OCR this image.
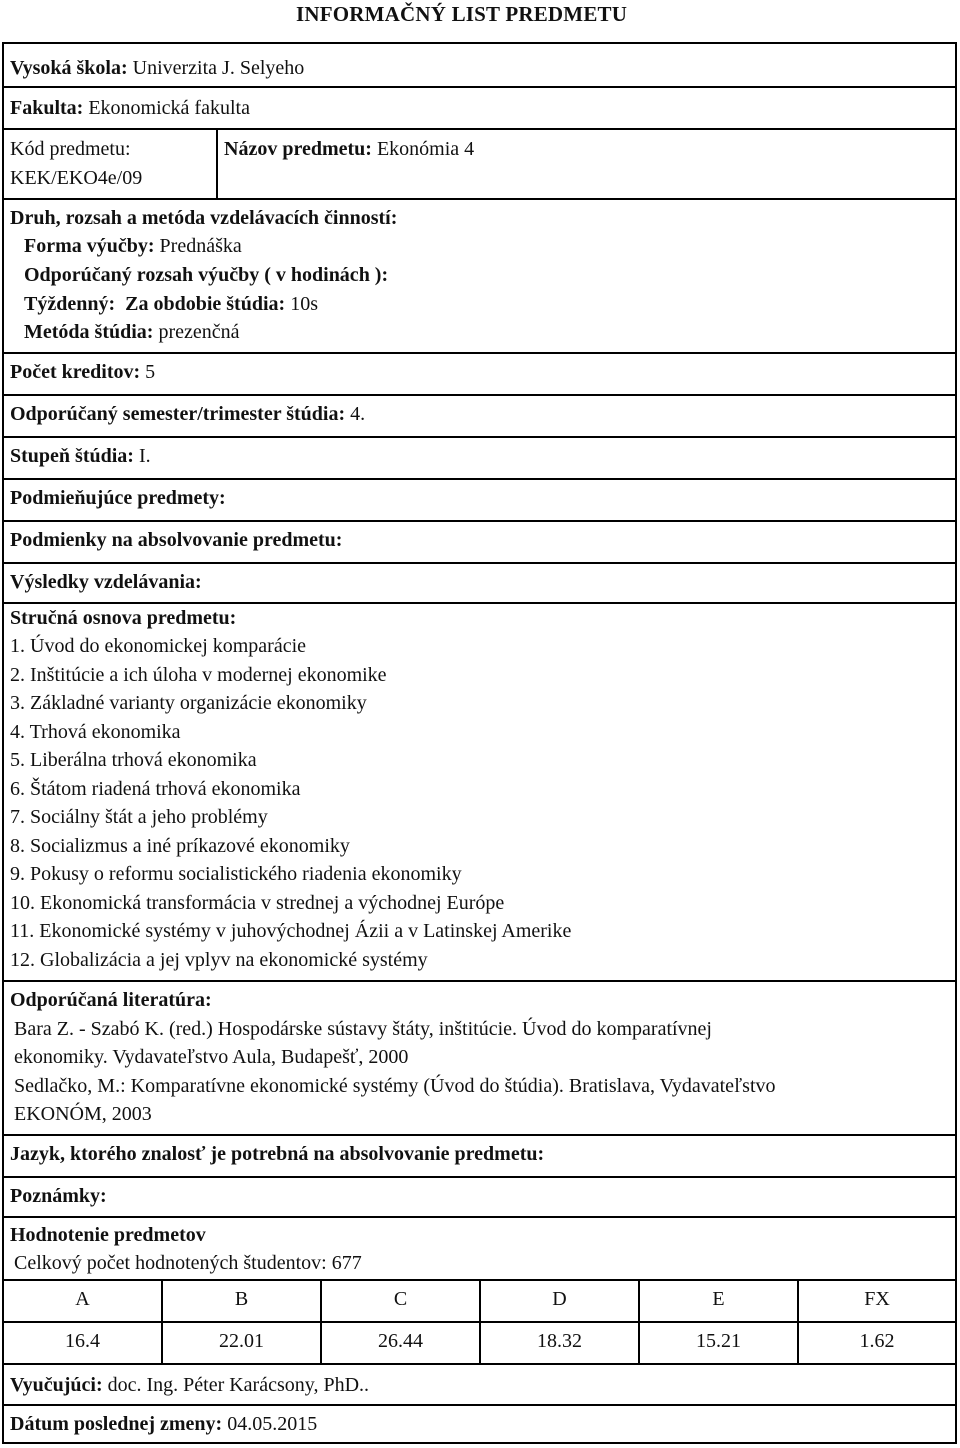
INFORMAČNÝ LIST PREDMETU
Vysoká škola: Univerzita J. Selyeho
Fakulta: Ekonomická fakulta
Kód predmetu:
KEK/EKO4e/09
Názov predmetu: Ekonómia 4
Druh, rozsah a metóda vzdelávacích činností:
Forma výučby: Prednáška
Odporúčaný rozsah výučby ( v hodinách ):
Týždenný: Za obdobie štúdia: 10s
Metóda štúdia: prezenčná
Počet kreditov: 5
Odporúčaný semester/trimester štúdia: 4.
Stupeň štúdia: I.
Podmieňujúce predmety:
Podmienky na absolvovanie predmetu:
Výsledky vzdelávania:
Stručná osnova predmetu:
1. Úvod do ekonomickej komparácie
2. Inštitúcie a ich úloha v modernej ekonomike
3. Základné varianty organizácie ekonomiky
4. Trhová ekonomika
5. Liberálna trhová ekonomika
6. Štátom riadená trhová ekonomika
7. Sociálny štát a jeho problémy
8. Socializmus a iné príkazové ekonomiky
9. Pokusy o reformu socialistického riadenia ekonomiky
10. Ekonomická transformácia v strednej a východnej Európe
11. Ekonomické systémy v juhovýchodnej Ázii a v Latinskej Amerike
12. Globalizácia a jej vplyv na ekonomické systémy
Odporúčaná literatúra:
Bara Z. - Szabó K. (red.) Hospodárske sústavy štáty, inštitúcie. Úvod do komparatívnej
ekonomiky. Vydavateľstvo Aula, Budapešť, 2000
Sedlačko, M.: Komparatívne ekonomické systémy (Úvod do štúdia). Bratislava, Vydavateľstvo
EKONÓM, 2003
Jazyk, ktorého znalosť je potrebná na absolvovanie predmetu:
Poznámky:
Hodnotenie predmetov
Celkový počet hodnotených študentov: 677
A	B	C	D	E	FX
16.4	22.01	26.44	18.32	15.21	1.62
Vyučujúci: doc. Ing. Péter Karácsony, PhD..
Dátum poslednej zmeny: 04.05.2015
